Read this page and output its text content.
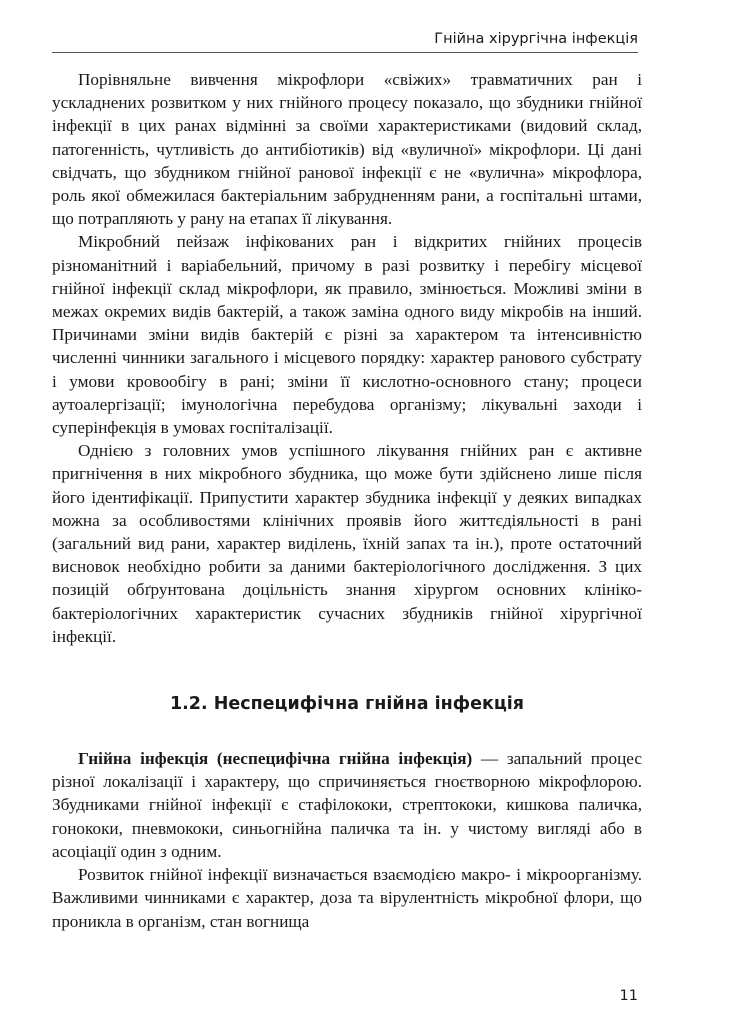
Гнійна хірургічна інфекція

Порівняльне вивчення мікрофлори «свіжих» травматичних ран і ускладнених розвитком у них гнійного процесу показало, що збудники гнійної інфекції в цих ранах відмінні за своїми характеристиками (видовий склад, патогенність, чутливість до антибіотиків) від «вуличної» мікрофлори. Ці дані свідчать, що збудником гнійної ранової інфекції є не «вулична» мікрофлора, роль якої обмежилася бактеріальним забрудненням рани, а госпітальні штами, що потрапляють у рану на етапах її лікування.

Мікробний пейзаж інфікованих ран і відкритих гнійних процесів різноманітний і варіабельний, причому в разі розвитку і перебігу місцевої гнійної інфекції склад мікрофлори, як правило, змінюється. Можливі зміни в межах окремих видів бактерій, а також заміна одного виду мікробів на інший. Причинами зміни видів бактерій є різні за характером та інтенсивністю численні чинники загального і місцевого порядку: характер ранового субстрату і умови кровообігу в рані; зміни її кислотно-основного стану; процеси аутоалергізації; імунологічна перебудова організму; лікувальні заходи і суперінфекція в умовах госпіталізації.

Однією з головних умов успішного лікування гнійних ран є активне пригнічення в них мікробного збудника, що може бути здійснено лише після його ідентифікації. Припустити характер збудника інфекції у деяких випадках можна за особливостями клінічних проявів його життєдіяльності в рані (загальний вид рани, характер виділень, їхній запах та ін.), проте остаточний висновок необхідно робити за даними бактеріологічного дослідження. З цих позицій обґрунтована доцільність знання хірургом основних клініко-бактеріологічних характеристик сучасних збудників гнійної хірургічної інфекції.

1.2. Неспецифічна гнійна інфекція

Гнійна інфекція (неспецифічна гнійна інфекція) — запальний процес різної локалізації і характеру, що спричиняється гноєтворною мікрофлорою. Збудниками гнійної інфекції є стафілококи, стрептококи, кишкова паличка, гонококи, пневмококи, синьогнійна паличка та ін. у чистому вигляді або в асоціації один з одним.

Розвиток гнійної інфекції визначається взаємодією макро- і мікроорганізму. Важливими чинниками є характер, доза та вірулентність мікробної флори, що проникла в організм, стан вогнища

11
